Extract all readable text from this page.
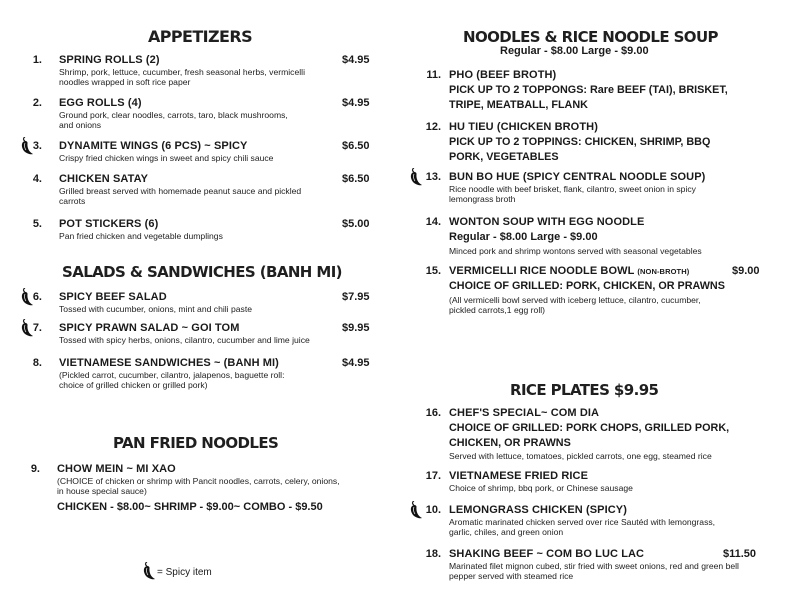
APPETIZERS
1. SPRING ROLLS (2)	$4.95
Shrimp, pork, lettuce, cucumber, fresh seasonal herbs, vermicelli
noodles wrapped in soft rice paper
2. EGG ROLLS (4)	$4.95
Ground pork, clear noodles, carrots, taro, black mushrooms,
and onions
3. DYNAMITE WINGS (6 PCS) ~ SPICY	$6.50
Crispy fried chicken wings in sweet and spicy chili sauce
4. CHICKEN SATAY	$6.50
Grilled breast served with homemade peanut sauce and pickled
carrots
5. POT STICKERS (6)	$5.00
Pan fried chicken and vegetable dumplings
SALADS & SANDWICHES (BANH MI)
6. SPICY BEEF SALAD	$7.95
Tossed with cucumber, onions, mint and chili paste
7. SPICY PRAWN SALAD ~ GOI TOM	$9.95
Tossed with spicy herbs, onions, cilantro, cucumber and lime juice
8. VIETNAMESE SANDWICHES ~ (BANH MI)	$4.95
(Pickled carrot, cucumber, cilantro, jalapenos, baguette roll:
choice of grilled chicken or grilled pork)
PAN FRIED NOODLES
9. CHOW MEIN ~ MI XAO
(CHOICE of chicken or shrimp with Pancit noodles, carrots, celery, onions,
in house special sauce)
CHICKEN - $8.00~ SHRIMP - $9.00~ COMBO - $9.50
= Spicy item
NOODLES & RICE NOODLE SOUP
Regular - $8.00 Large - $9.00
11. PHO (BEEF BROTH)
PICK UP TO 2 TOPPONGS: Rare BEEF (TAI), BRISKET,
TRIPE, MEATBALL, FLANK
12. HU TIEU (CHICKEN BROTH)
PICK UP TO 2 TOPPINGS: CHICKEN, SHRIMP, BBQ
PORK, VEGETABLES
13. BUN BO HUE (SPICY CENTRAL NOODLE SOUP)
Rice noodle with beef brisket, flank, cilantro, sweet onion in spicy
lemongrass broth
14. WONTON SOUP WITH EGG NOODLE
Regular - $8.00 Large - $9.00
Minced pork and shrimp wontons served with seasonal vegetables
15. VERMICELLI RICE NOODLE BOWL (NON-BROTH)	$9.00
CHOICE OF GRILLED: PORK, CHICKEN, OR PRAWNS
(All vermicelli bowl served with iceberg lettuce, cilantro, cucumber,
pickled carrots,1 egg roll)
RICE PLATES $9.95
16. CHEF'S SPECIAL~ COM DIA
CHOICE OF GRILLED: PORK CHOPS, GRILLED PORK,
CHICKEN, OR PRAWNS
Served with lettuce, tomatoes, pickled carrots, one egg, steamed rice
17. VIETNAMESE FRIED RICE
Choice of shrimp, bbq pork, or Chinese sausage
10. LEMONGRASS CHICKEN (SPICY)
Aromatic marinated chicken served over rice Sautéd with lemongrass,
garlic, chiles, and green onion
18. SHAKING BEEF ~ COM BO LUC LAC	$11.50
Marinated filet mignon cubed, stir fried with sweet onions, red and green bell
pepper served with steamed rice
